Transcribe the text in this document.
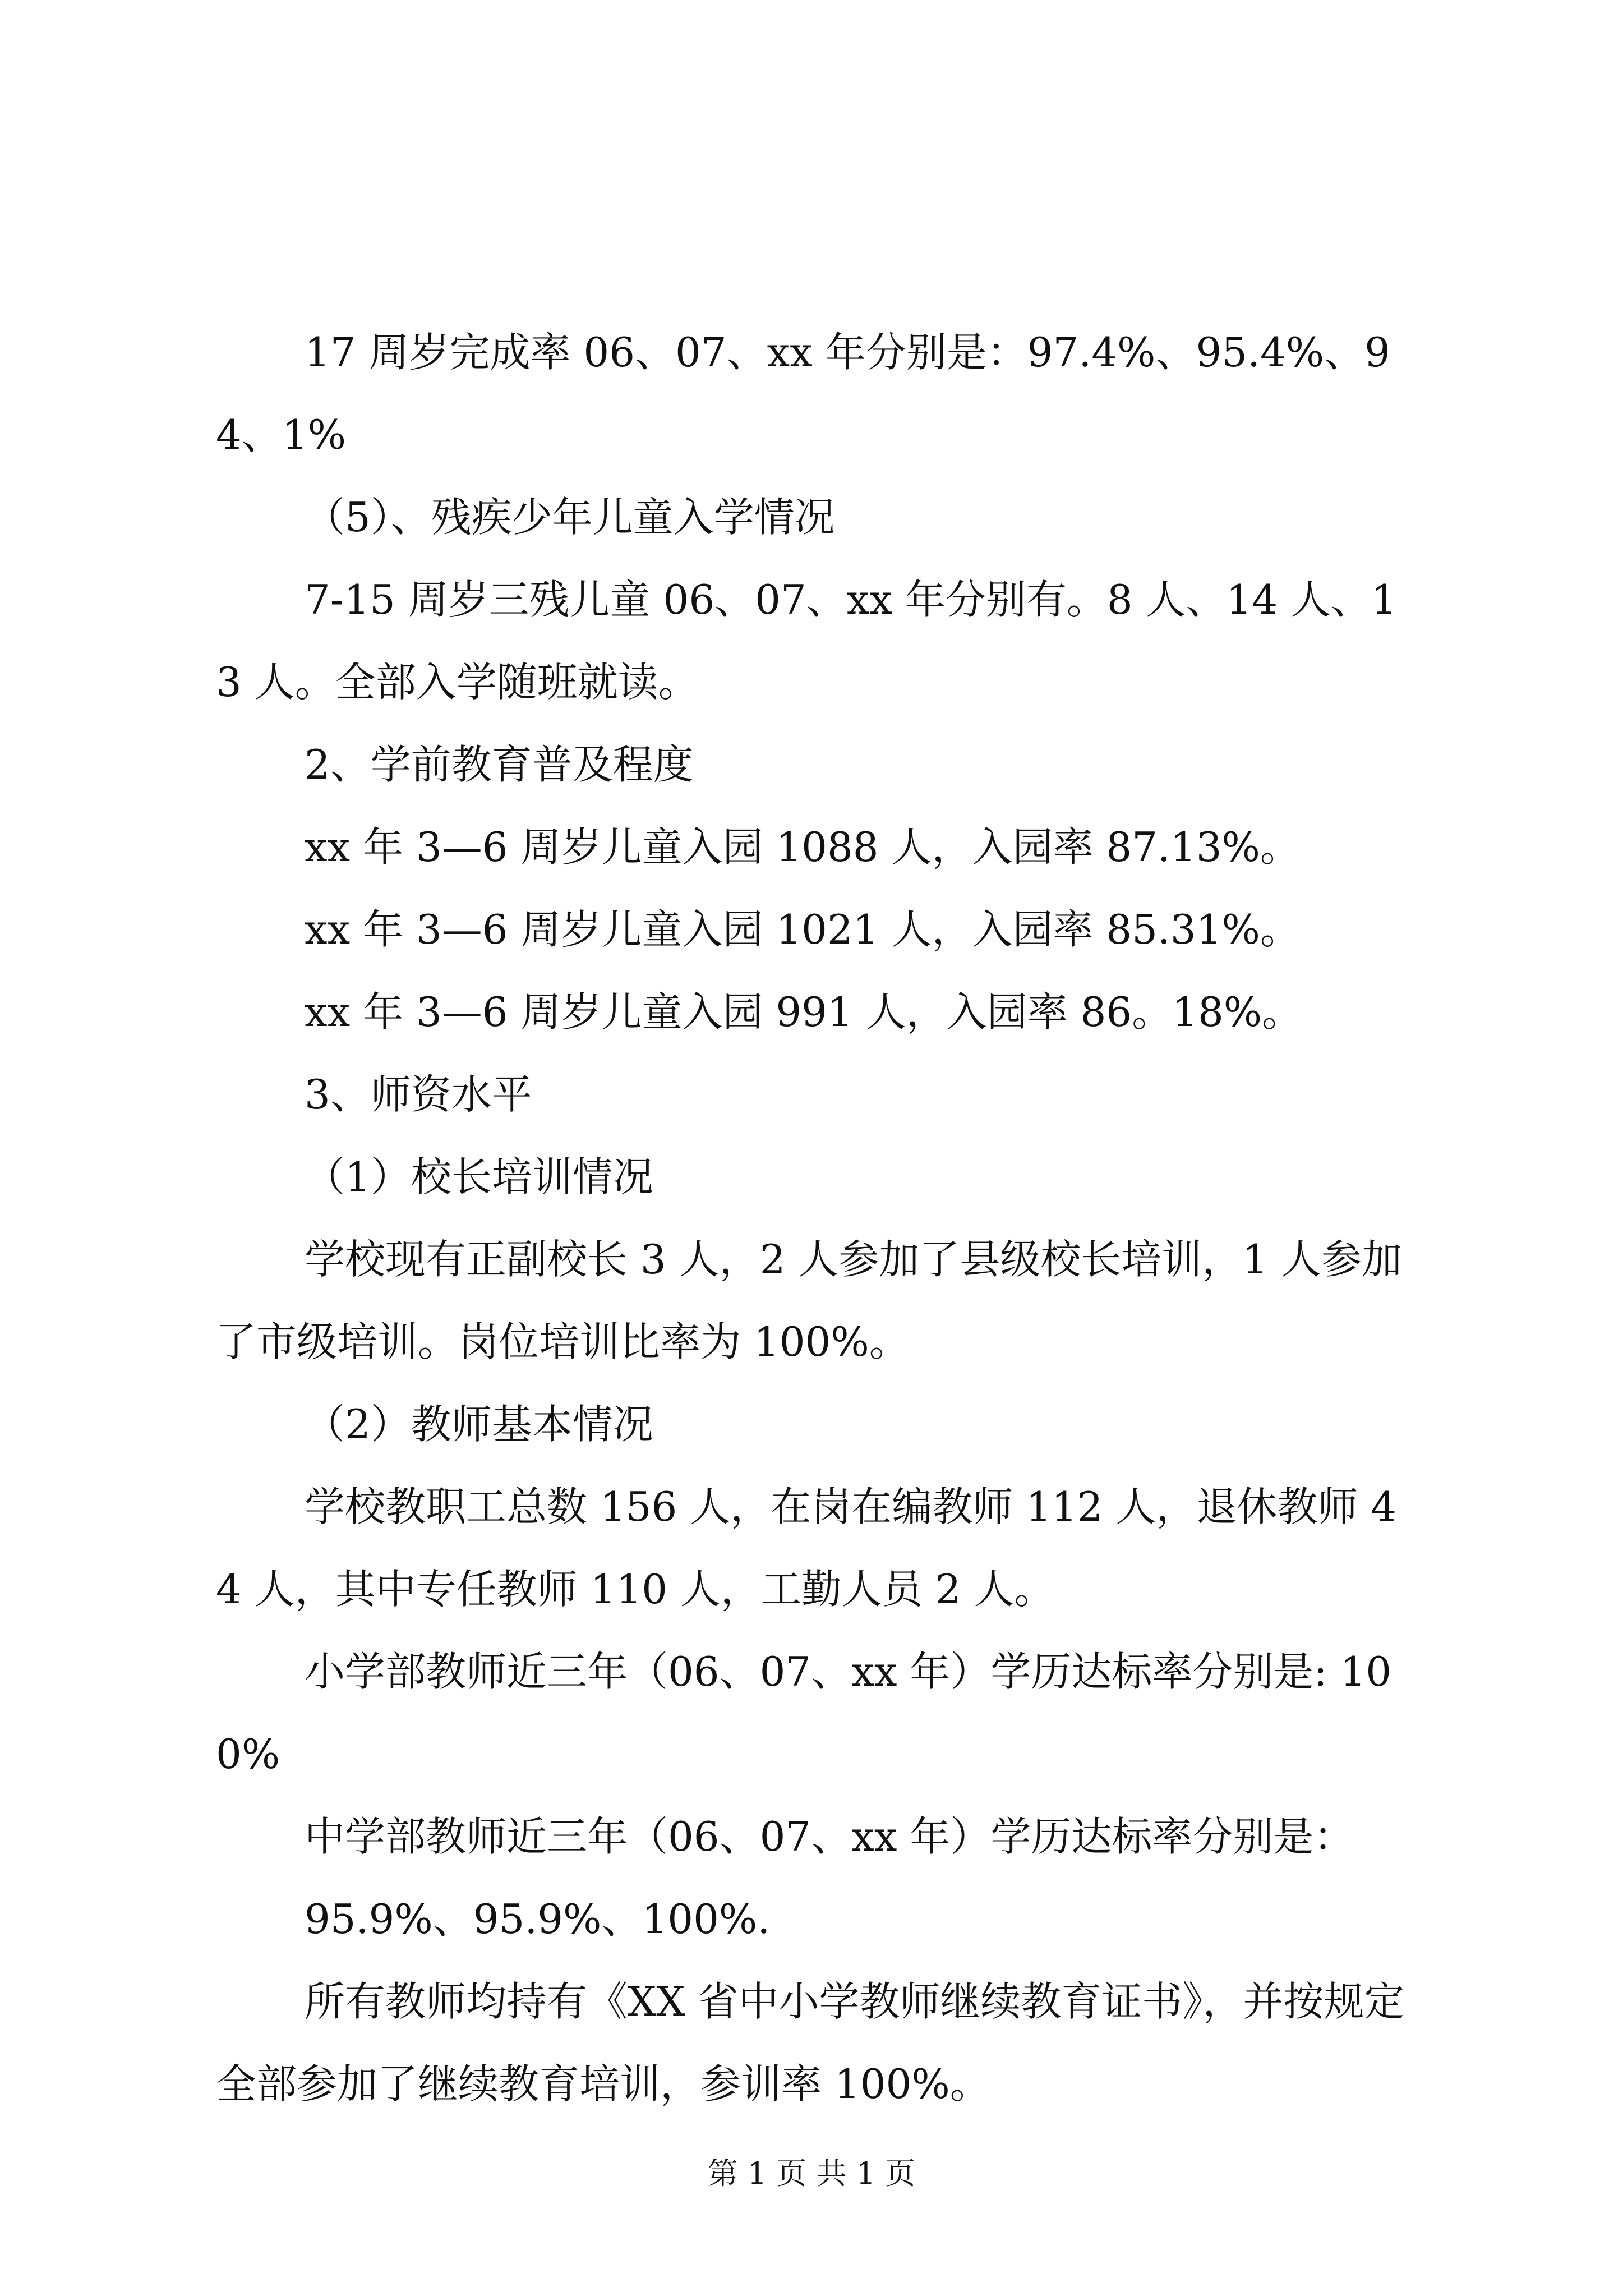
17 周岁完成率 06、07、xx 年分别是：97.4%、95.4%、94、1%

（5）、残疾少年儿童入学情况

7-15 周岁三残儿童 06、07、xx 年分别有。8 人、14 人、13 人。全部入学随班就读。

2、学前教育普及程度

xx 年 3—6 周岁儿童入园 1088 人，入园率 87.13%。

xx 年 3—6 周岁儿童入园 1021 人，入园率 85.31%。

xx 年 3—6 周岁儿童入园 991 人，入园率 86。18%。

3、师资水平

（1）校长培训情况

学校现有正副校长 3 人，2 人参加了县级校长培训，1 人参加了市级培训。岗位培训比率为 100%。

（2）教师基本情况

学校教职工总数 156 人，在岗在编教师 112 人，退休教师 44 人，其中专任教师 110 人，工勤人员 2 人。

小学部教师近三年（06、07、xx 年）学历达标率分别是: 100%

中学部教师近三年（06、07、xx 年）学历达标率分别是：

95.9%、95.9%、100%.

所有教师均持有《XX 省中小学教师继续教育证书》，并按规定全部参加了继续教育培训，参训率 100%。

第 1 页 共 1 页
